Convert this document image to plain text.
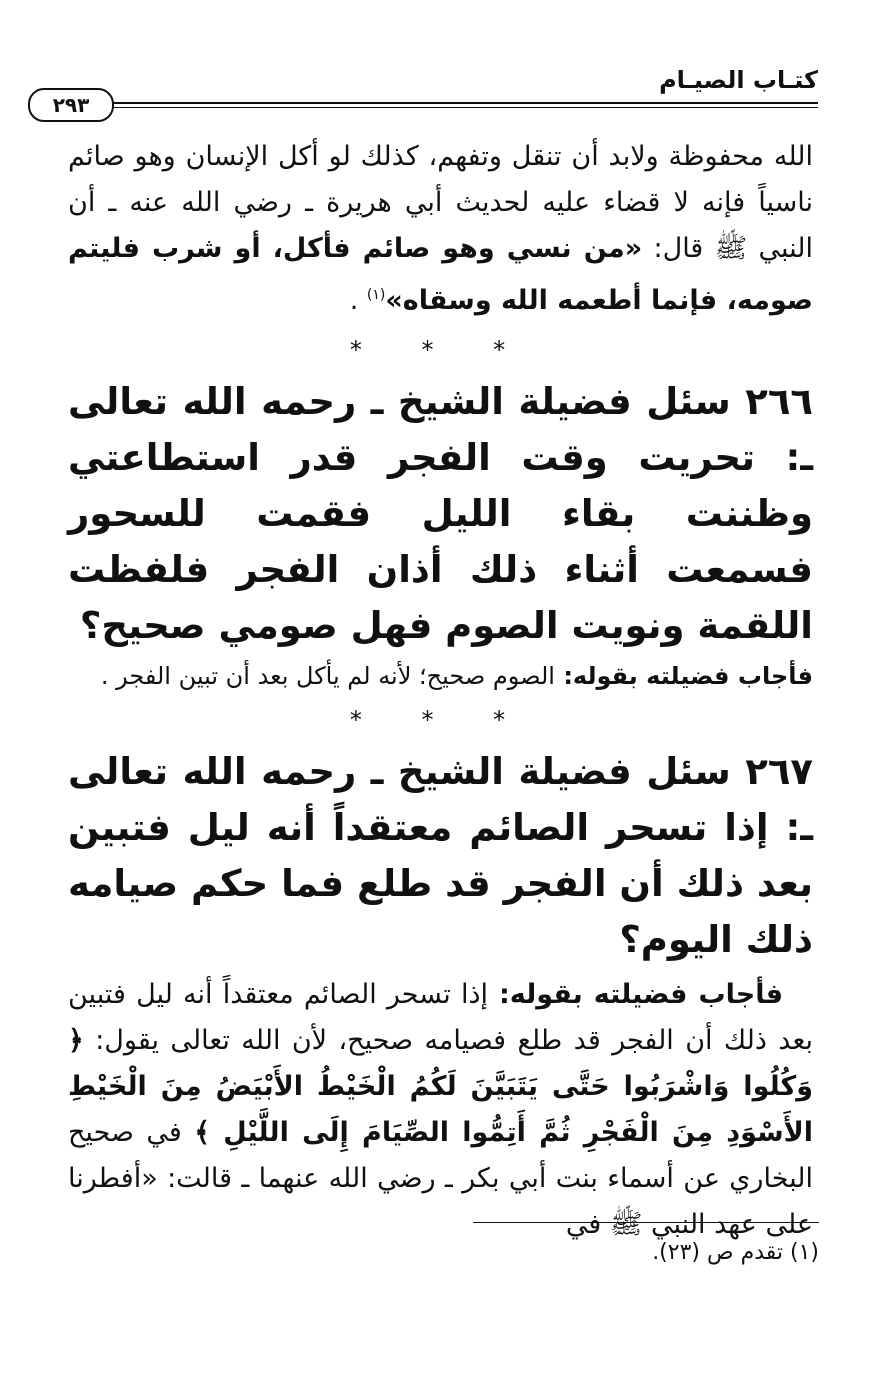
كتـاب الصيـام
٢٩٣

الله محفوظة ولابد أن تنقل وتفهم، كذلك لو أكل الإنسان وهو صائم ناسياً فإنه لا قضاء عليه لحديث أبي هريرة ـ رضي الله عنه ـ أن النبي ﷺ قال: «من نسي وهو صائم فأكل، أو شرب فليتم صومه، فإنما أطعمه الله وسقاه»$^{(١)}$ .

* * *

٢٦٦ سئل فضيلة الشيخ ـ رحمه الله تعالى ـ: تحريت وقت الفجر قدر استطاعتي وظننت بقاء الليل فقمت للسحور فسمعت أثناء ذلك أذان الفجر فلفظت اللقمة ونويت الصوم فهل صومي صحيح؟

فأجاب فضيلته بقوله: الصوم صحيح؛ لأنه لم يأكل بعد أن تبين الفجر .

* * *

٢٦٧ سئل فضيلة الشيخ ـ رحمه الله تعالى ـ: إذا تسحر الصائم معتقداً أنه ليل فتبين بعد ذلك أن الفجر قد طلع فما حكم صيامه ذلك اليوم؟

فأجاب فضيلته بقوله: إذا تسحر الصائم معتقداً أنه ليل فتبين بعد ذلك أن الفجر قد طلع فصيامه صحيح، لأن الله تعالى يقول: ﴿ وَكُلُوا وَاشْرَبُوا حَتَّى يَتَبَيَّنَ لَكُمُ الْخَيْطُ الأَبْيَضُ مِنَ الْخَيْطِ الأَسْوَدِ مِنَ الْفَجْرِ ثُمَّ أَتِمُّوا الصِّيَامَ إِلَى اللَّيْلِ ﴾ في صحيح البخاري عن أسماء بنت أبي بكر ـ رضي الله عنهما ـ قالت: «أفطرنا على عهد النبي ﷺ في

(١) تقدم ص (٢٣).
